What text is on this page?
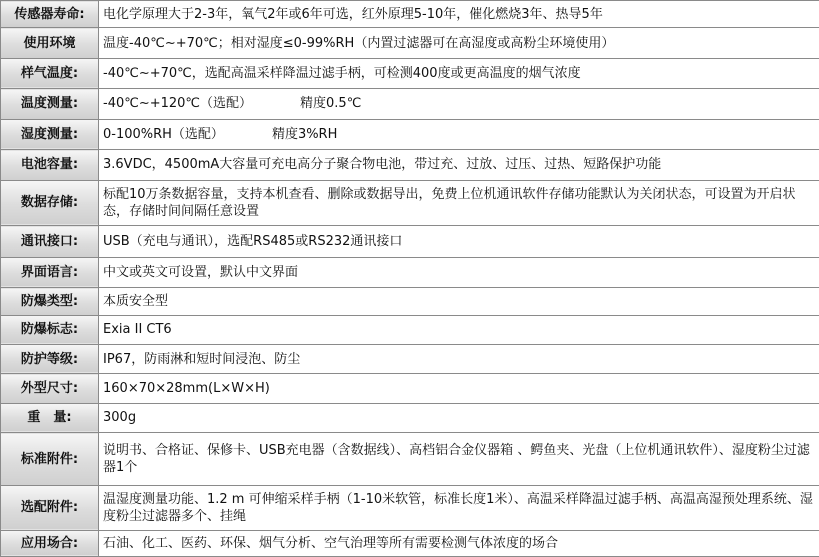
传感器寿命:	电化学原理大于2-3年，氧气2年或6年可选，红外原理5-10年，催化燃烧3年、热导5年
使用环境	温度-40℃~+70℃；相对湿度≤0-99%RH（内置过滤器可在高湿度或高粉尘环境使用）
样气温度:	-40℃~+70℃，选配高温采样降温过滤手柄，可检测400度或更高温度的烟气浓度
温度测量:	-40℃~+120℃（选配） 精度0.5℃
湿度测量:	0-100%RH（选配） 精度3%RH
电池容量:	3.6VDC，4500mA大容量可充电高分子聚合物电池，带过充、过放、过压、过热、短路保护功能
数据存储:	标配10万条数据容量，支持本机查看、删除或数据导出，免费上位机通讯软件存储功能默认为关闭状态，可设置为开启状态，存储时间间隔任意设置
通讯接口:	USB（充电与通讯），选配RS485或RS232通讯接口
界面语言:	中文或英文可设置，默认中文界面
防爆类型:	本质安全型
防爆标志:	Exia II CT6
防护等级:	IP67，防雨淋和短时间浸泡、防尘
外型尺寸:	160×70×28mm(L×W×H)
重　量:	300g
标准附件:	说明书、合格证、保修卡、USB充电器（含数据线）、高档铝合金仪器箱 、鳄鱼夹、光盘（上位机通讯软件）、湿度粉尘过滤器1个
选配附件:	温湿度测量功能、1.2 m 可伸缩采样手柄（1-10米软管，标准长度1米）、高温采样降温过滤手柄、高温高湿预处理系统、湿度粉尘过滤器多个、挂绳
应用场合:	石油、化工、医药、环保、烟气分析、空气治理等所有需要检测气体浓度的场合
